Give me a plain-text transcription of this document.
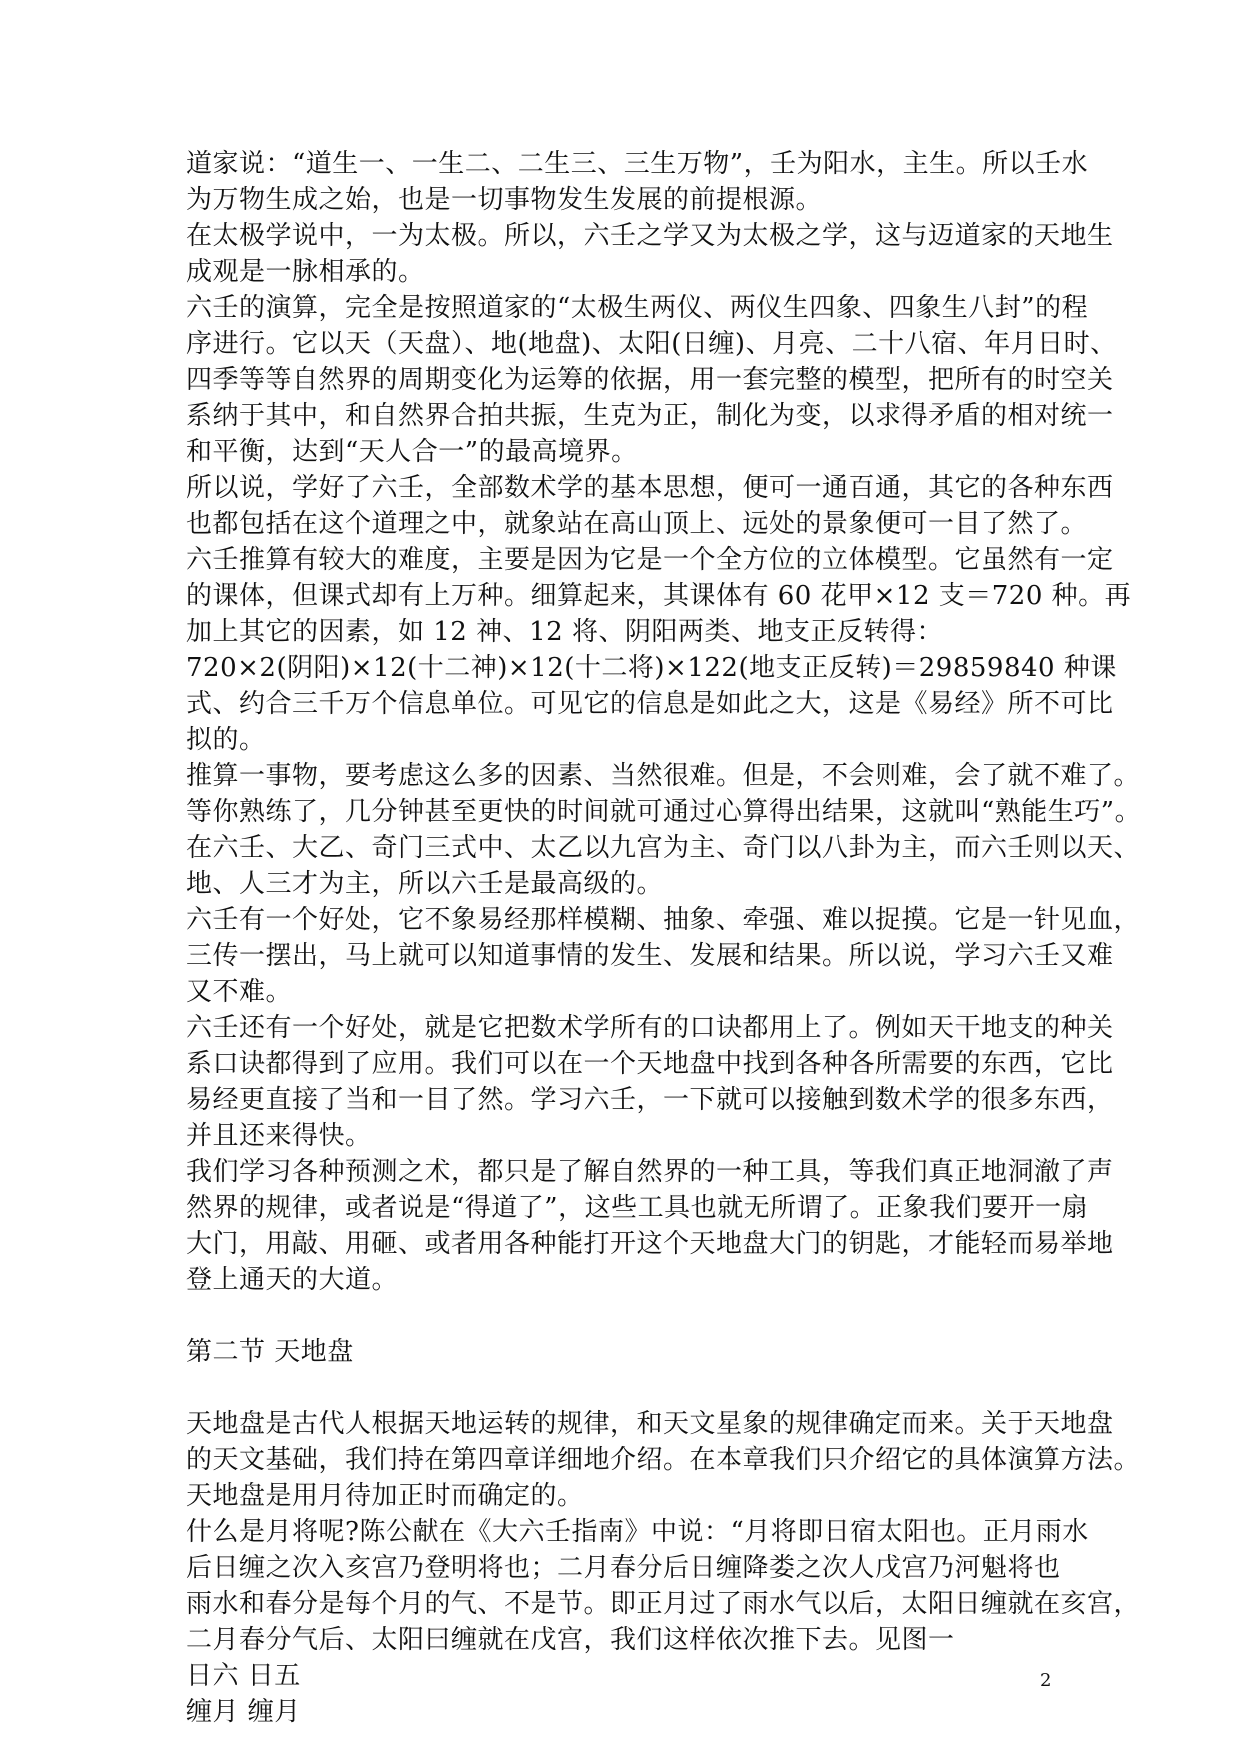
道家说：“道生一、一生二、二生三、三生万物”，壬为阳水，主生。所以壬水
为万物生成之始，也是一切事物发生发展的前提根源。
在太极学说中，一为太极。所以，六壬之学又为太极之学，这与迈道家的天地生
成观是一脉相承的。
六壬的演算，完全是按照道家的“太极生两仪、两仪生四象、四象生八封”的程
序进行。它以天（天盘）、地(地盘)、太阳(日缠)、月亮、二十八宿、年月日时、
四季等等自然界的周期变化为运筹的依据，用一套完整的模型，把所有的时空关
系纳于其中，和自然界合拍共振，生克为正，制化为变，以求得矛盾的相对统一
和平衡，达到“天人合一”的最高境界。
所以说，学好了六壬，全部数术学的基本思想，便可一通百通，其它的各种东西
也都包括在这个道理之中，就象站在高山顶上、远处的景象便可一目了然了。
六壬推算有较大的难度，主要是因为它是一个全方位的立体模型。它虽然有一定
的课体，但课式却有上万种。细算起来，其课体有 60 花甲×12 支＝720 种。再
加上其它的因素，如 12 神、12 将、阴阳两类、地支正反转得：
720×2(阴阳)×12(十二神)×12(十二将)×122(地支正反转)＝29859840 种课
式、约合三千万个信息单位。可见它的信息是如此之大，这是《易经》所不可比
拟的。
推算一事物，要考虑这么多的因素、当然很难。但是，不会则难，会了就不难了。
等你熟练了，几分钟甚至更快的时间就可通过心算得出结果，这就叫“熟能生巧”。
在六壬、大乙、奇门三式中、太乙以九宫为主、奇门以八卦为主，而六壬则以天、
地、人三才为主，所以六壬是最高级的。
六壬有一个好处，它不象易经那样模糊、抽象、牵强、难以捉摸。它是一针见血，
三传一摆出，马上就可以知道事情的发生、发展和结果。所以说，学习六壬又难
又不难。
六壬还有一个好处，就是它把数术学所有的口诀都用上了。例如天干地支的种关
系口诀都得到了应用。我们可以在一个天地盘中找到各种各所需要的东西，它比
易经更直接了当和一目了然。学习六壬，一下就可以接触到数术学的很多东西，
并且还来得快。
我们学习各种预测之术，都只是了解自然界的一种工具，等我们真正地洞澈了声
然界的规律，或者说是“得道了”，这些工具也就无所谓了。正象我们要开一扇
大门，用敲、用砸、或者用各种能打开这个天地盘大门的钥匙，才能轻而易举地
登上通天的大道。
第二节 天地盘
天地盘是古代人根据天地运转的规律，和天文星象的规律确定而来。关于天地盘
的天文基础，我们持在第四章详细地介绍。在本章我们只介绍它的具体演算方法。
天地盘是用月待加正时而确定的。
什么是月将呢?陈公献在《大六壬指南》中说：“月将即日宿太阳也。正月雨水
后日缠之次入亥宫乃登明将也；二月春分后日缠降娄之次人戊宫乃河魁将也
雨水和春分是每个月的气、不是节。即正月过了雨水气以后，太阳日缠就在亥宫，
二月春分气后、太阳曰缠就在戊宫，我们这样依次推下去。见图一
日六 日五
缠月 缠月
2
